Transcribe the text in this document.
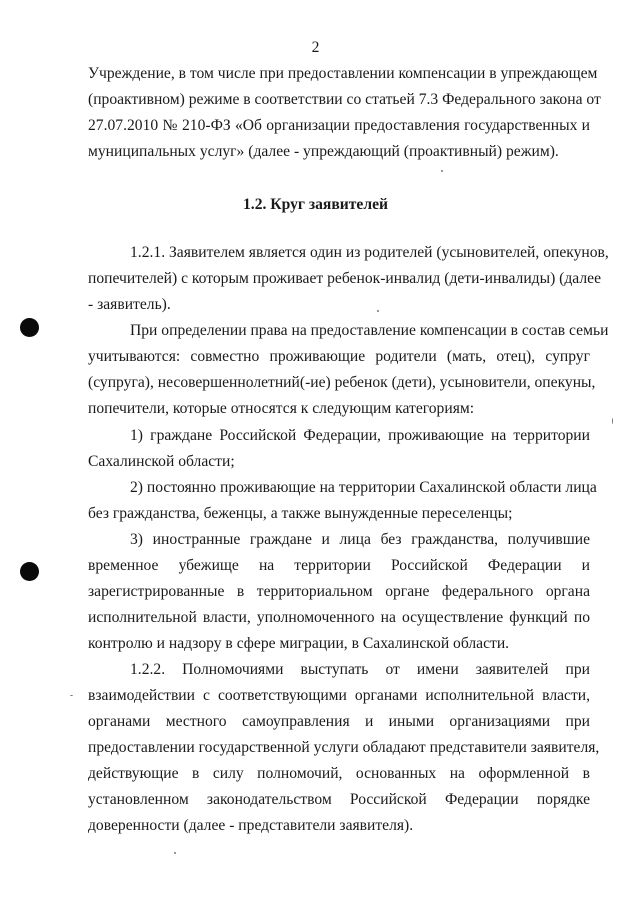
2
Учреждение, в том числе при предоставлении компенсации в упреждающем
(проактивном) режиме в соответствии со статьей 7.3 Федерального закона от
27.07.2010 № 210-ФЗ «Об организации предоставления государственных и
муниципальных услуг» (далее - упреждающий (проактивный) режим).
1.2. Круг заявителей
1.2.1. Заявителем является один из родителей (усыновителей, опекунов,
попечителей) с которым проживает ребенок-инвалид (дети-инвалиды) (далее
- заявитель).
При определении права на предоставление компенсации в состав семьи
учитываются: совместно проживающие родители (мать, отец), супруг
(супруга), несовершеннолетний(-ие) ребенок (дети), усыновители, опекуны,
попечители, которые относятся к следующим категориям:
1) граждане Российской Федерации, проживающие на территории
Сахалинской области;
2) постоянно проживающие на территории Сахалинской области лица
без гражданства, беженцы, а также вынужденные переселенцы;
3) иностранные граждане и лица без гражданства, получившие
временное убежище на территории Российской Федерации и
зарегистрированные в территориальном органе федерального органа
исполнительной власти, уполномоченного на осуществление функций по
контролю и надзору в сфере миграции, в Сахалинской области.
1.2.2. Полномочиями выступать от имени заявителей при
взаимодействии с соответствующими органами исполнительной власти,
органами местного самоуправления и иными организациями при
предоставлении государственной услуги обладают представители заявителя,
действующие в силу полномочий, основанных на оформленной в
установленном законодательством Российской Федерации порядке
доверенности (далее - представители заявителя).
